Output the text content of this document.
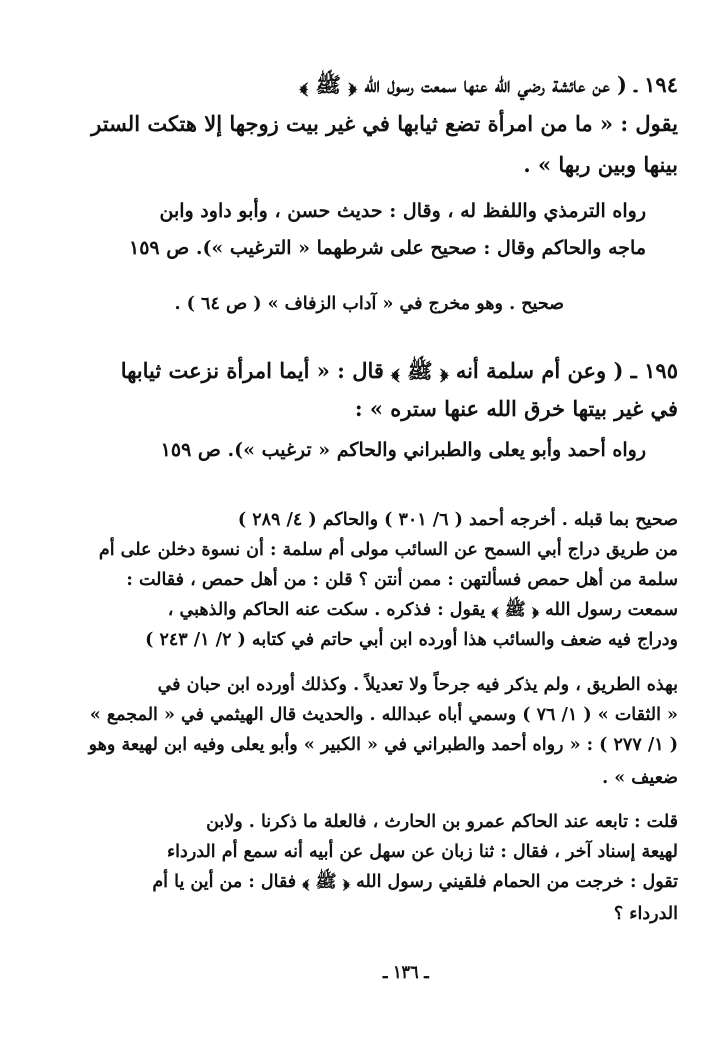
١٩٤ ـ ( عن عائشة رضي الله عنها سمعت رسول الله ﴿ ﷺ ﴾
يقول : « ما من امرأة تضع ثيابها في غير بيت زوجها إلا هتكت الستر
بينها وبين ربها » .
رواه الترمذي واللفظ له ، وقال : حديث حسن ، وأبو داود وابن
ماجه والحاكم وقال : صحيح على شرطهما « الترغيب »). ص ١٥٩
صحيح . وهو مخرج في « آداب الزفاف » ( ص ٦٤ ) .
١٩٥ ـ ( وعن أم سلمة أنه ﴿ ﷺ ﴾ قال : « أيما امرأة نزعت ثيابها
في غير بيتها خرق الله عنها ستره » :
رواه أحمد وأبو يعلى والطبراني والحاكم « ترغيب »). ص ١٥٩
صحيح بما قبله . أخرجه أحمد ( ٦/ ٣٠١ ) والحاكم ( ٤/ ٢٨٩ )
من طريق دراج أبي السمح عن السائب مولى أم سلمة : أن نسوة دخلن على أم
سلمة من أهل حمص فسألتهن : ممن أنتن ؟ قلن : من أهل حمص ، فقالت :
سمعت رسول الله ﴿ ﷺ ﴾ يقول : فذكره . سكت عنه الحاكم والذهبي ،
ودراج فيه ضعف والسائب هذا أورده ابن أبي حاتم في كتابه ( ٢/ ١/ ٢٤٣ )
بهذه الطريق ، ولم يذكر فيه جرحاً ولا تعديلاً . وكذلك أورده ابن حبان في
« الثقات » ( ١/ ٧٦ ) وسمي أباه عبدالله . والحديث قال الهيثمي في « المجمع »
( ١/ ٢٧٧ ) : « رواه أحمد والطبراني في « الكبير » وأبو يعلى وفيه ابن لهيعة وهو
ضعيف » .
قلت : تابعه عند الحاكم عمرو بن الحارث ، فالعلة ما ذكرنا . ولابن
لهيعة إسناد آخر ، فقال : ثنا زبان عن سهل عن أبيه أنه سمع أم الدرداء
تقول : خرجت من الحمام فلقيني رسول الله ﴿ ﷺ ﴾ فقال : من أين يا أم
الدرداء ؟
ـ ١٣٦ ـ
